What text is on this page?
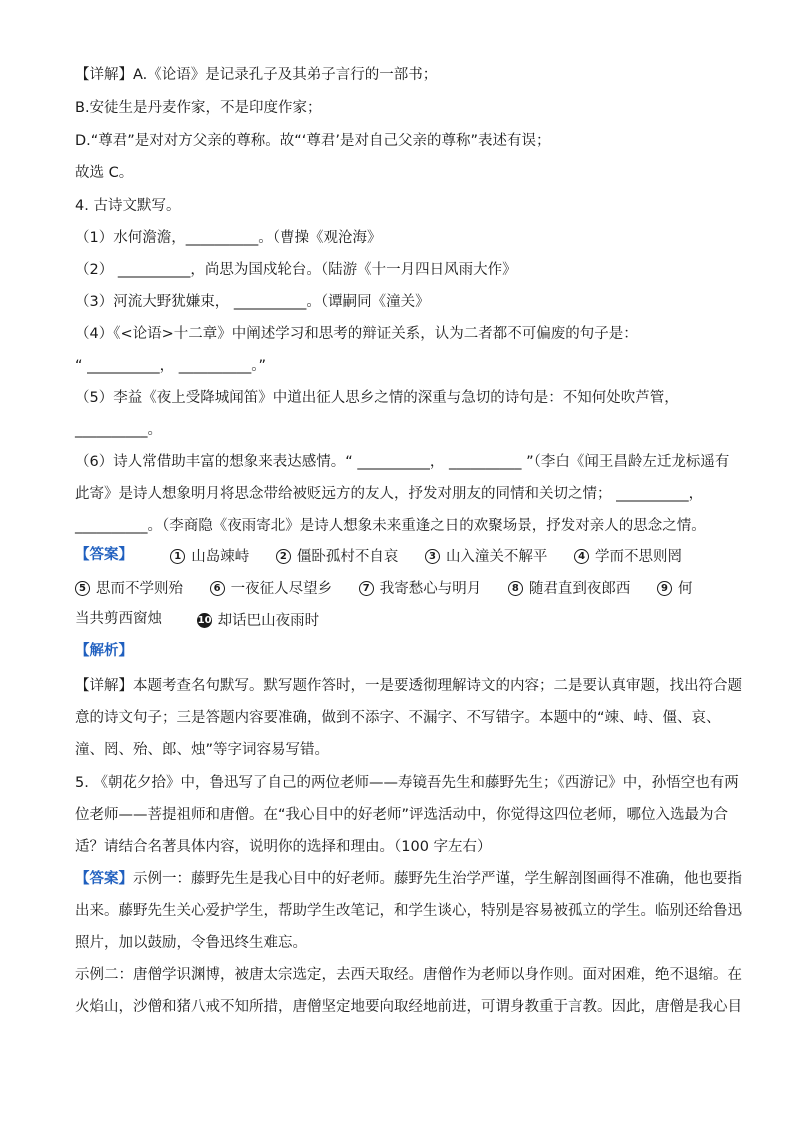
【详解】A.《论语》是记录孔子及其弟子言行的一部书；
B.安徒生是丹麦作家，不是印度作家；
D.“尊君”是对对方父亲的尊称。故“‘尊君’是对自己父亲的尊称”表述有误；
故选 C。
4. 古诗文默写。
（1）水何澹澹，__________。（曹操《观沧海》
（2） __________，尚思为国戍轮台。（陆游《十一月四日风雨大作》
（3）河流大野犹嫌束， __________。（谭嗣同《潼关》
（4）《<论语>十二章》中阐述学习和思考的辩证关系，认为二者都不可偏废的句子是：
“ __________， __________。”
（5）李益《夜上受降城闻笛》中道出征人思乡之情的深重与急切的诗句是：不知何处吹芦管，
__________。
（6）诗人常借助丰富的想象来表达感情。“ __________， __________ ”（李白《闻王昌龄左迁龙标遥有
此寄》是诗人想象明月将思念带给被贬远方的友人，抒发对朋友的同情和关切之情； __________，
__________。（李商隐《夜雨寄北》是诗人想象未来重逢之日的欢聚场景，抒发对亲人的思念之情。
【答案】	1 山岛竦峙
	2 僵卧孤村不自哀
	3 山入潼关不解平
	4 学而不思则罔
5 思而不学则殆
	6 一夜征人尽望乡
	7 我寄愁心与明月
	8 随君直到夜郎西
	9 何
当共剪西窗烛	10 却话巴山夜雨时
【解析】
【详解】本题考查名句默写。默写题作答时，一是要透彻理解诗文的内容；二是要认真审题，找出符合题
意的诗文句子；三是答题内容要准确，做到不添字、不漏字、不写错字。本题中的“竦、峙、僵、哀、
潼、罔、殆、郎、烛”等字词容易写错。
5. 《朝花夕拾》中，鲁迅写了自己的两位老师——寿镜吾先生和藤野先生；《西游记》中，孙悟空也有两
位老师——菩提祖师和唐僧。在“我心目中的好老师”评选活动中，你觉得这四位老师，哪位入选最为合
适？请结合名著具体内容，说明你的选择和理由。（100 字左右）
【答案】示例一：藤野先生是我心目中的好老师。藤野先生治学严谨，学生解剖图画得不准确，他也要指
出来。藤野先生关心爱护学生，帮助学生改笔记，和学生谈心，特别是容易被孤立的学生。临别还给鲁迅
照片，加以鼓励，令鲁迅终生难忘。
示例二：唐僧学识渊博，被唐太宗选定，去西天取经。唐僧作为老师以身作则。面对困难，绝不退缩。在
火焰山，沙僧和猪八戒不知所措，唐僧坚定地要向取经地前进，可谓身教重于言教。因此，唐僧是我心目
